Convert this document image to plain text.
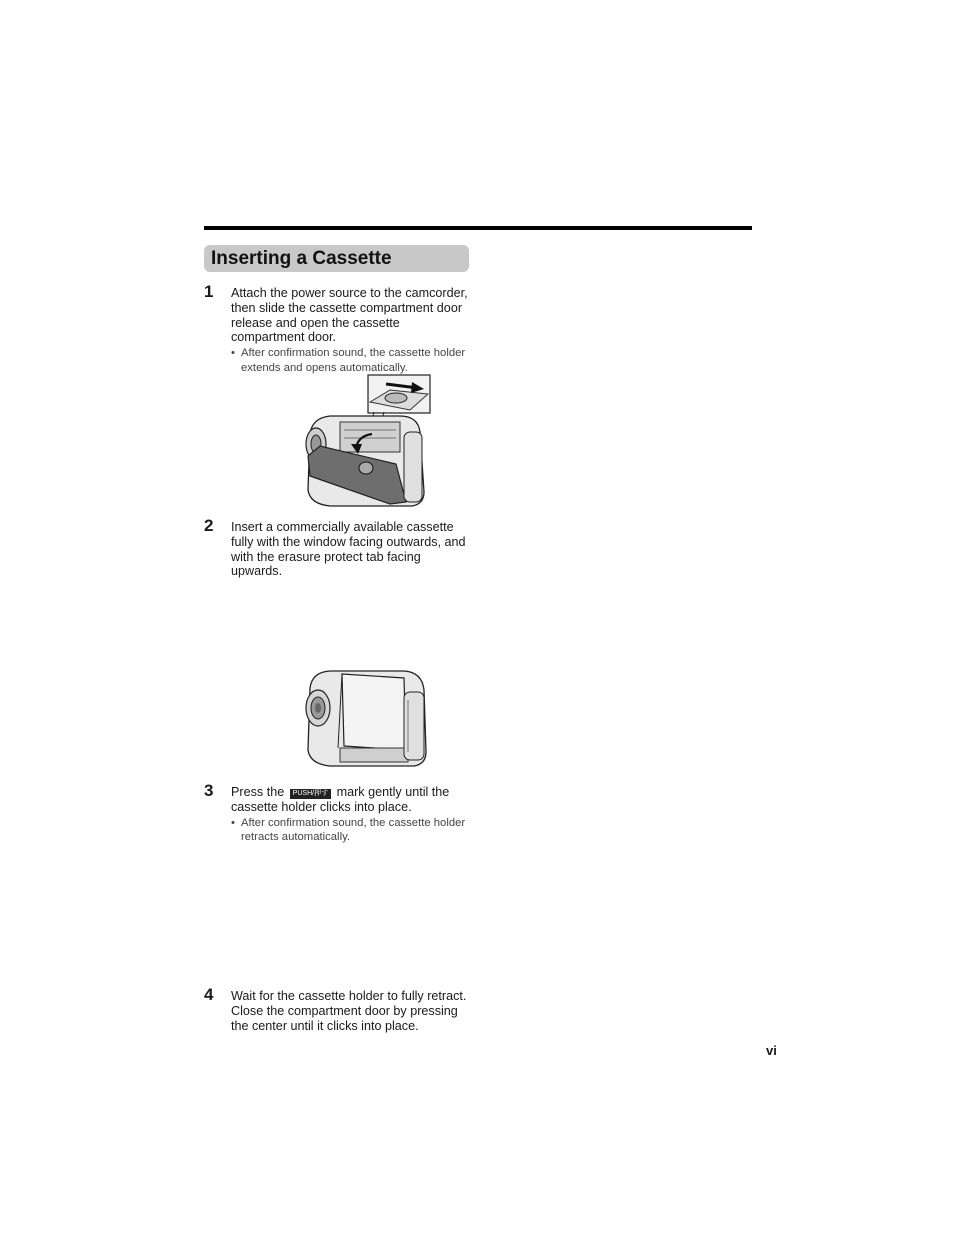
Inserting a Cassette
1 Attach the power source to the camcorder, then slide the cassette compartment door release and open the cassette compartment door.
• After confirmation sound, the cassette holder extends and opens automatically.
2 Insert a commercially available cassette fully with the window facing outwards, and with the erasure protect tab facing upwards.
3 Press the PUSH/押す mark gently until the cassette holder clicks into place.
• After confirmation sound, the cassette holder retracts automatically.
4 Wait for the cassette holder to fully retract. Close the compartment door by pressing the center until it clicks into place.
vi
